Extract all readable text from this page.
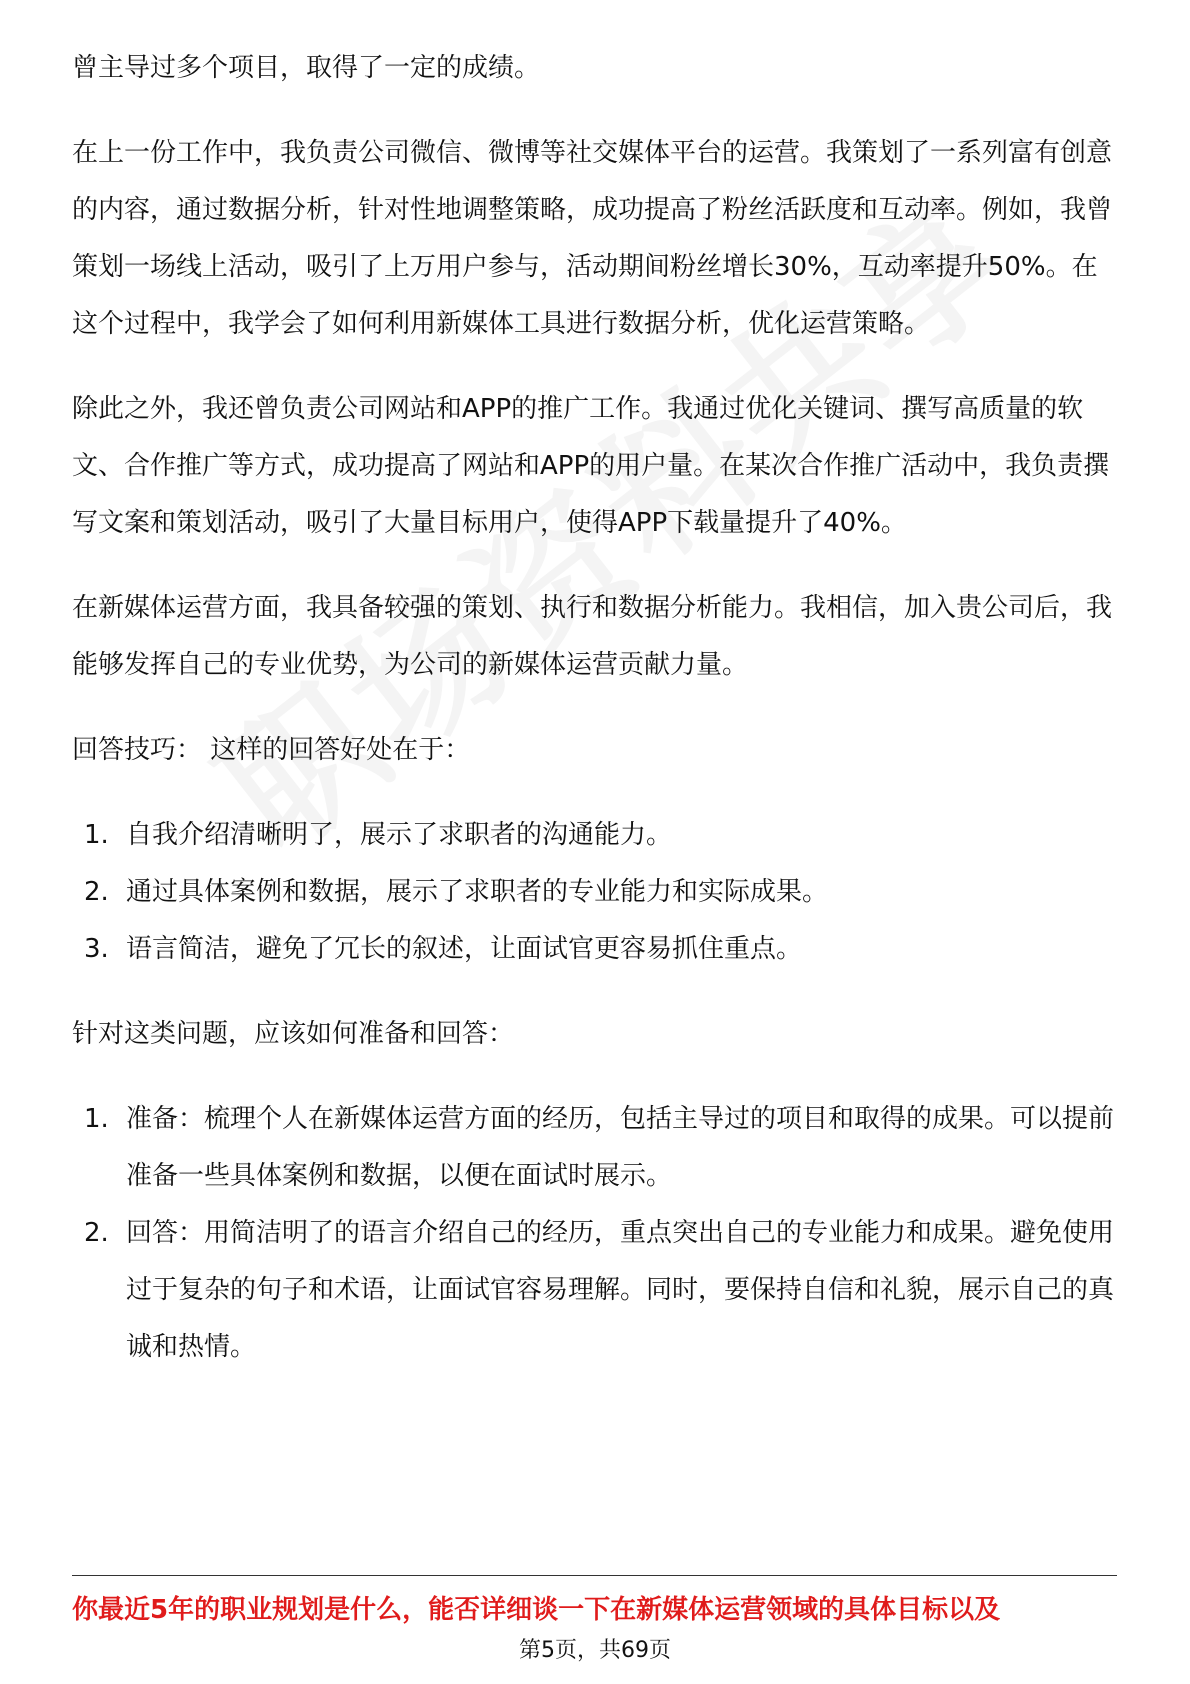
曾主导过多个项目，取得了一定的成绩。

在上一份工作中，我负责公司微信、微博等社交媒体平台的运营。我策划了一系列富有创意的内容，通过数据分析，针对性地调整策略，成功提高了粉丝活跃度和互动率。例如，我曾策划一场线上活动，吸引了上万用户参与，活动期间粉丝增长30%，互动率提升50%。在这个过程中，我学会了如何利用新媒体工具进行数据分析，优化运营策略。

除此之外，我还曾负责公司网站和APP的推广工作。我通过优化关键词、撰写高质量的软文、合作推广等方式，成功提高了网站和APP的用户量。在某次合作推广活动中，我负责撰写文案和策划活动，吸引了大量目标用户，使得APP下载量提升了40%。

在新媒体运营方面，我具备较强的策划、执行和数据分析能力。我相信，加入贵公司后，我能够发挥自己的专业优势，为公司的新媒体运营贡献力量。

回答技巧： 这样的回答好处在于：

1. 自我介绍清晰明了，展示了求职者的沟通能力。
2. 通过具体案例和数据，展示了求职者的专业能力和实际成果。
3. 语言简洁，避免了冗长的叙述，让面试官更容易抓住重点。

针对这类问题，应该如何准备和回答：

1. 准备：梳理个人在新媒体运营方面的经历，包括主导过的项目和取得的成果。可以提前准备一些具体案例和数据，以便在面试时展示。
2. 回答：用简洁明了的语言介绍自己的经历，重点突出自己的专业能力和成果。避免使用过于复杂的句子和术语，让面试官容易理解。同时，要保持自信和礼貌，展示自己的真诚和热情。
你最近5年的职业规划是什么，能否详细谈一下在新媒体运营领域的具体目标以及
第5页，共69页
